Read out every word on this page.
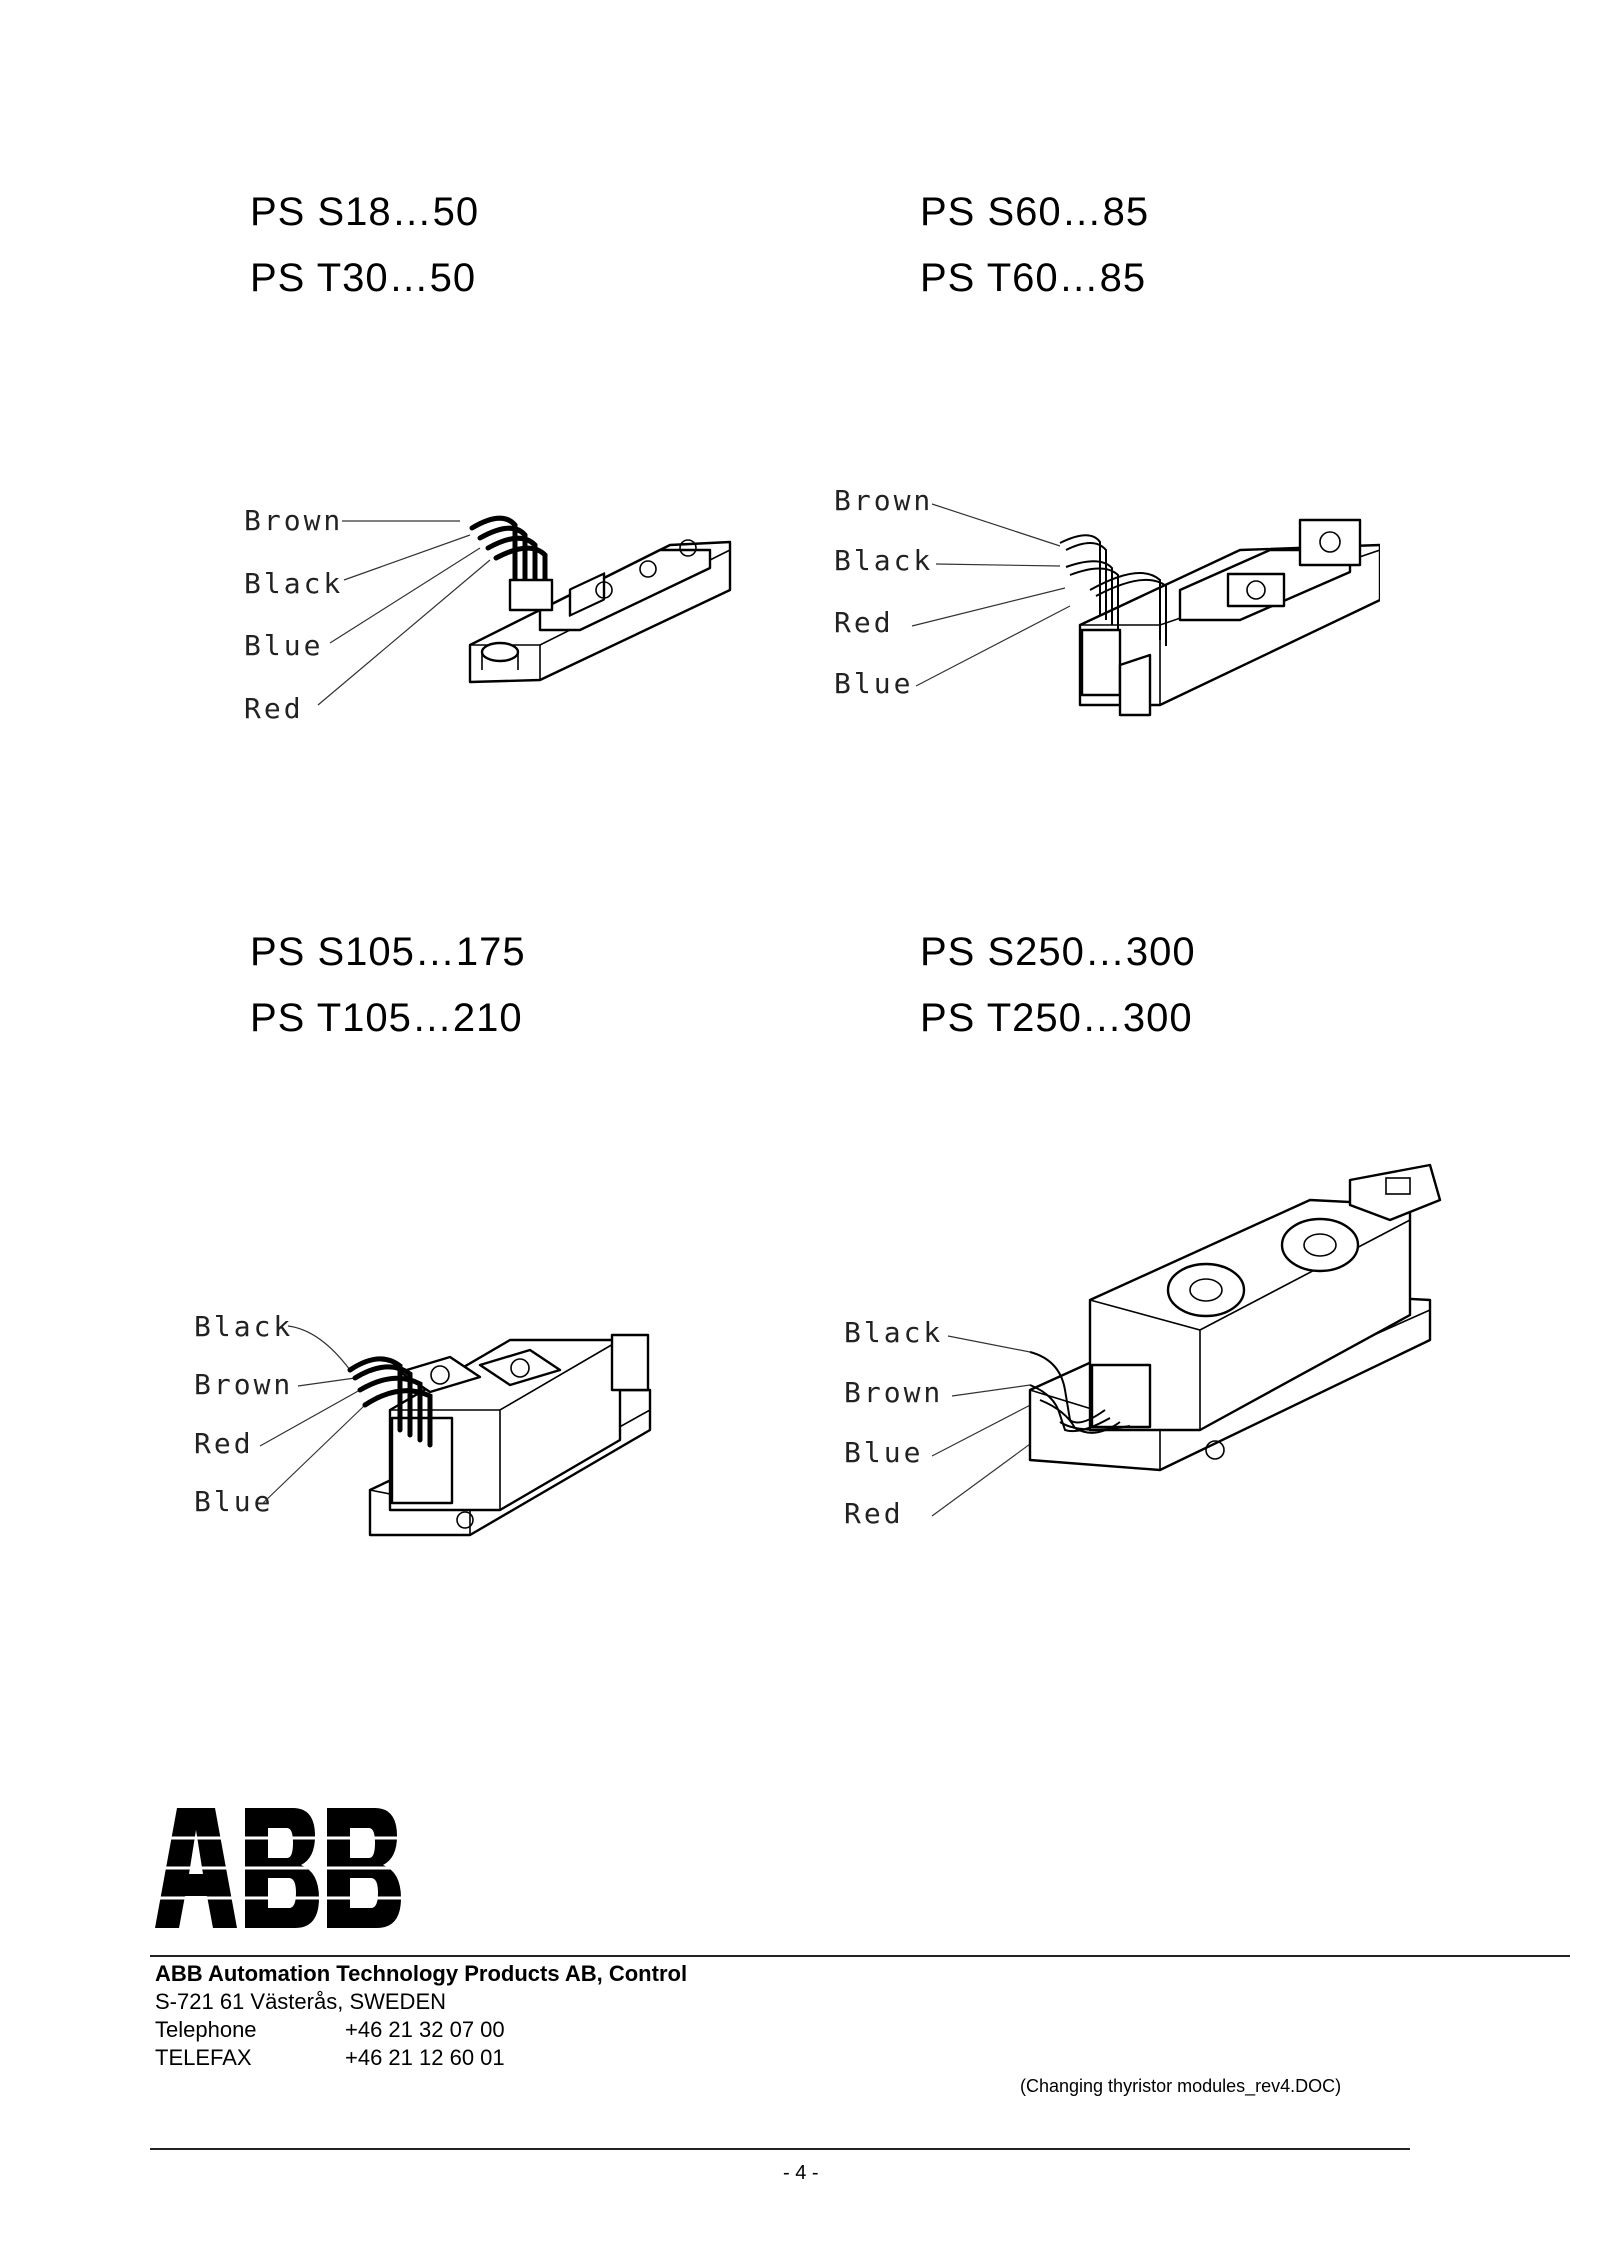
PS S18…50
PS T30…50
PS S60…85
PS T60…85
PS S105…175
PS T105…210
PS S250…300
PS T250…300
Brown
Black
Blue
Red
Brown
Black
Red
Blue
Black
Brown
Red
Blue
Black
Brown
Blue
Red
ABB Automation Technology Products AB, Control
S-721 61 Västerås, SWEDEN
Telephone	+46 21 32 07 00
TELEFAX	+46 21 12 60 01
(Changing thyristor modules_rev4.DOC)
- 4 -
